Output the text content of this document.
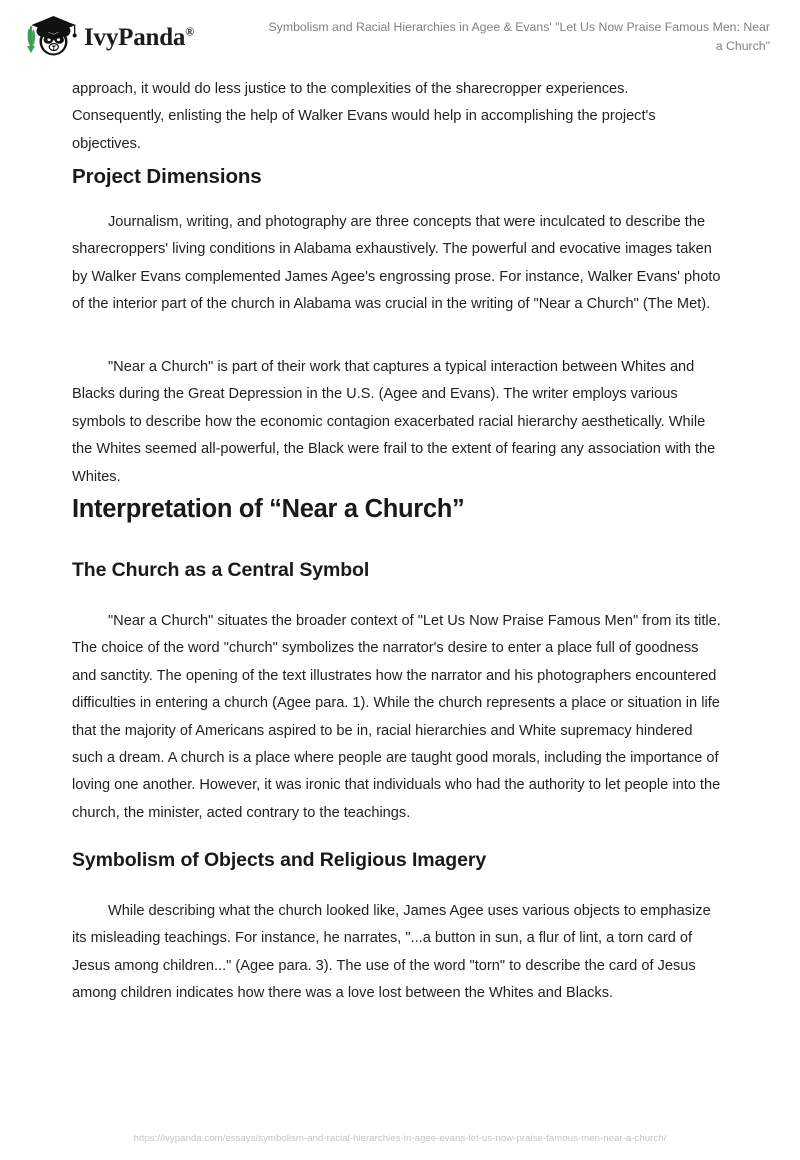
IvyPanda®	Symbolism and Racial Hierarchies in Agee & Evans' "Let Us Now Praise Famous Men: Near a Church"

approach, it would do less justice to the complexities of the sharecropper experiences. Consequently, enlisting the help of Walker Evans would help in accomplishing the project's objectives.

Project Dimensions

Journalism, writing, and photography are three concepts that were inculcated to describe the sharecroppers' living conditions in Alabama exhaustively. The powerful and evocative images taken by Walker Evans complemented James Agee's engrossing prose. For instance, Walker Evans' photo of the interior part of the church in Alabama was crucial in the writing of "Near a Church" (The Met).

"Near a Church" is part of their work that captures a typical interaction between Whites and Blacks during the Great Depression in the U.S. (Agee and Evans). The writer employs various symbols to describe how the economic contagion exacerbated racial hierarchy aesthetically. While the Whites seemed all-powerful, the Black were frail to the extent of fearing any association with the Whites.

Interpretation of “Near a Church”
The Church as a Central Symbol

"Near a Church" situates the broader context of "Let Us Now Praise Famous Men" from its title. The choice of the word "church" symbolizes the narrator's desire to enter a place full of goodness and sanctity. The opening of the text illustrates how the narrator and his photographers encountered difficulties in entering a church (Agee para. 1). While the church represents a place or situation in life that the majority of Americans aspired to be in, racial hierarchies and White supremacy hindered such a dream. A church is a place where people are taught good morals, including the importance of loving one another. However, it was ironic that individuals who had the authority to let people into the church, the minister, acted contrary to the teachings.

Symbolism of Objects and Religious Imagery

While describing what the church looked like, James Agee uses various objects to emphasize its misleading teachings. For instance, he narrates, "...a button in sun, a flur of lint, a torn card of Jesus among children..." (Agee para. 3). The use of the word "torn" to describe the card of Jesus among children indicates how there was a love lost between the Whites and Blacks.

https://ivypanda.com/essays/symbolism-and-racial-hierarchies-in-agee-evans-let-us-now-praise-famous-men-near-a-church/
